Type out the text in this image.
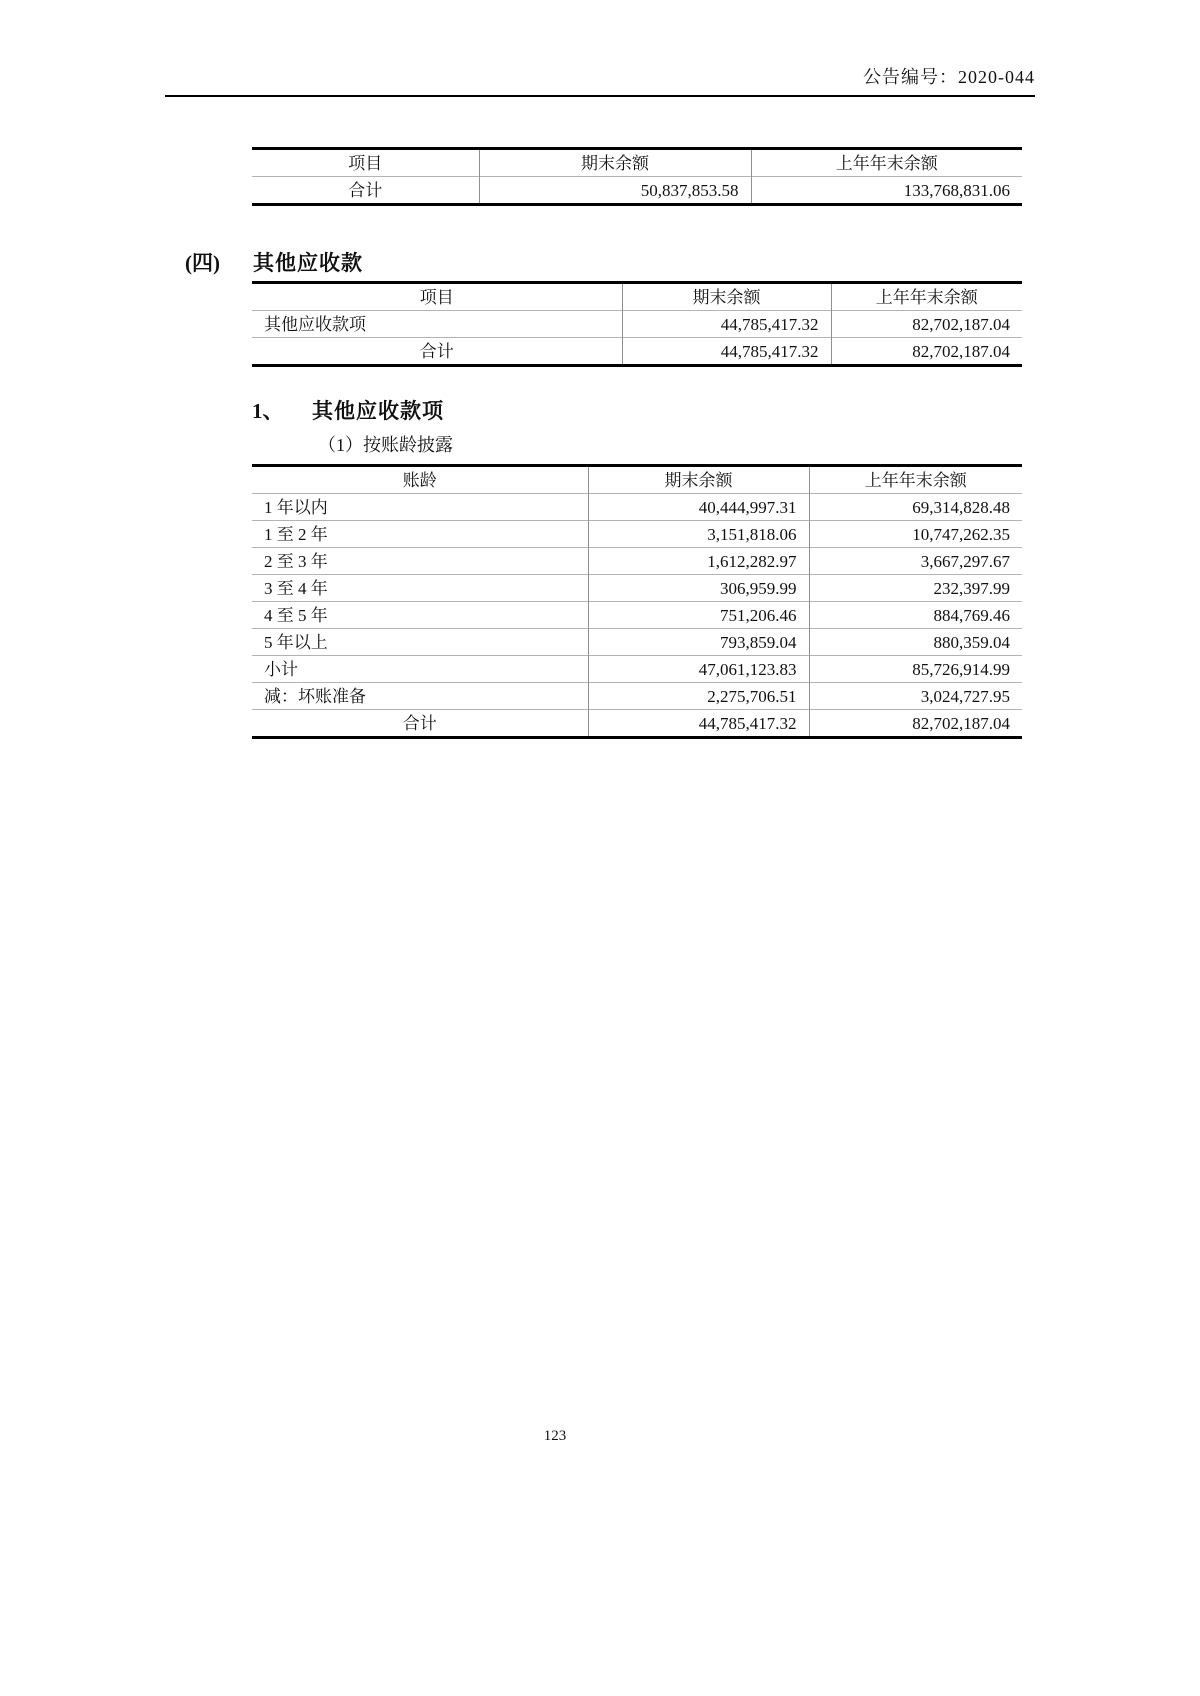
公告编号：2020-044
项目	期末余额	上年年末余额
合计	50,837,853.58	133,768,831.06
(四) 其他应收款
项目	期末余额	上年年末余额
其他应收款项	44,785,417.32	82,702,187.04
合计	44,785,417.32	82,702,187.04
1、 其他应收款项
（1）按账龄披露
账龄	期末余额	上年年末余额
1 年以内	40,444,997.31	69,314,828.48
1 至 2 年	3,151,818.06	10,747,262.35
2 至 3 年	1,612,282.97	3,667,297.67
3 至 4 年	306,959.99	232,397.99
4 至 5 年	751,206.46	884,769.46
5 年以上	793,859.04	880,359.04
小计	47,061,123.83	85,726,914.99
减：坏账准备	2,275,706.51	3,024,727.95
合计	44,785,417.32	82,702,187.04
123
